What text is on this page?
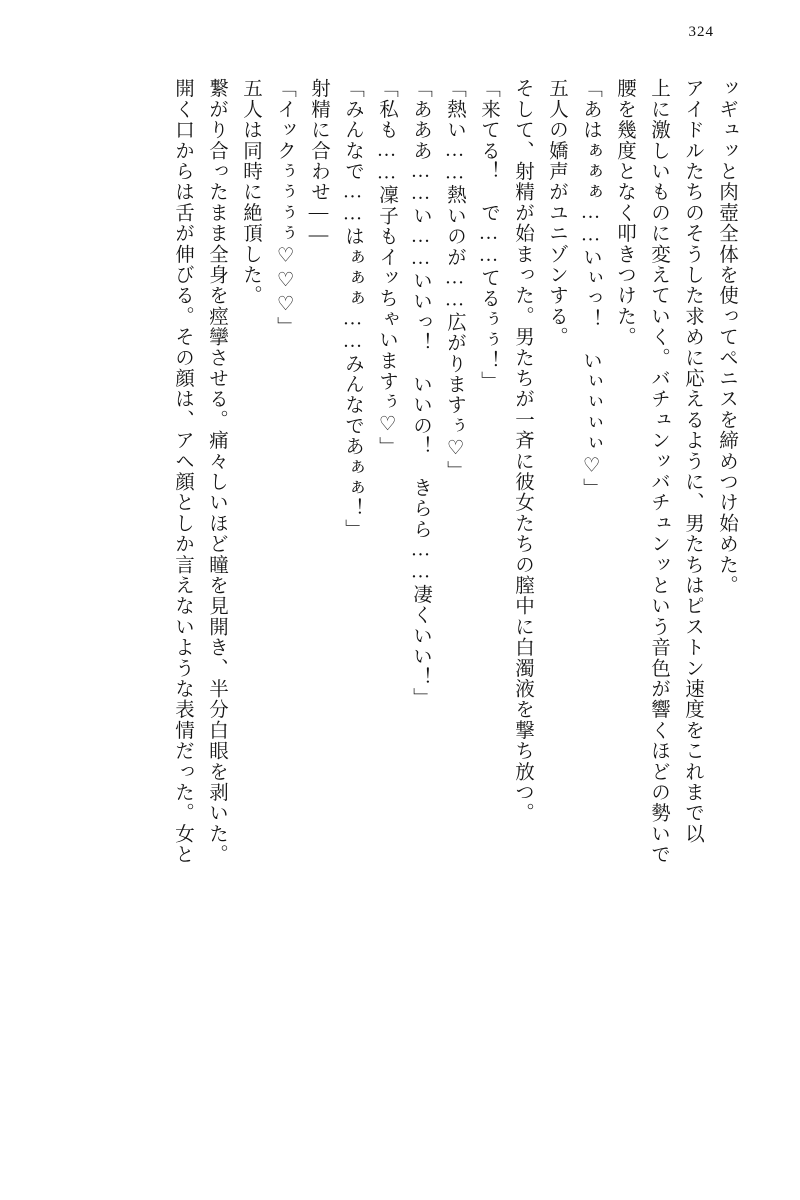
324
ッギュッと肉壺全体を使ってペニスを締めつけ始めた。
アイドルたちのそうした求めに応えるように、男たちはピストン速度をこれまで以
上に激しいものに変えていく。バチュンッバチュンッという音色が響くほどの勢いで
腰を幾度となく叩きつけた。
「あはぁぁぁ……いぃっ！　いぃぃぃぃ♡」
五人の嬌声がユニゾンする。
そして、射精が始まった。男たちが一斉に彼女たちの膣中に白濁液を撃ち放つ。
「来てる！　で……てるぅぅ！」
「熱い……熱いのが……広がりますぅ♡」
「あああ……い……いいっ！　いいの！　きらら……凄くいい！」
「私も……凜子もイッちゃいますぅ♡」
「みんなで……はぁぁぁ……みんなであぁぁ！」
射精に合わせ――
「イックぅぅぅぅ♡♡♡」
五人は同時に絶頂した。
繋がり合ったまま全身を痙攣させる。痛々しいほど瞳を見開き、半分白眼を剥いた。
開く口からは舌が伸びる。その顔は、アヘ顔としか言えないような表情だった。女と
